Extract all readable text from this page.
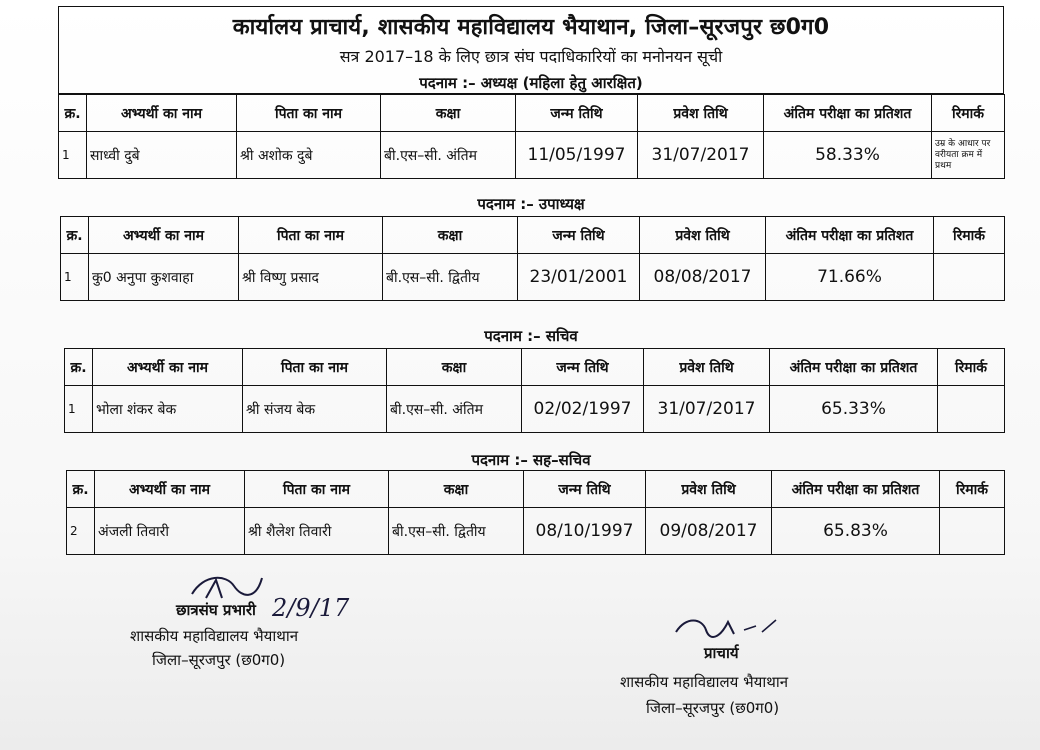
कार्यालय प्राचार्य, शासकीय महाविद्यालय भैयाथान, जिला–सूरजपुर छ0ग0
सत्र 2017–18 के लिए छात्र संघ पदाधिकारियों का मनोनयन सूची
पदनाम :– अध्यक्ष (महिला हेतु आरक्षित)
क्र.	अभ्यर्थी का नाम	पिता का नाम	कक्षा	जन्म तिथि	प्रवेश तिथि	अंतिम परीक्षा का प्रतिशत	रिमार्क
1	साध्वी दुबे	श्री अशोक दुबे	बी.एस–सी. अंतिम	11/05/1997	31/07/2017	58.33%	उम्र के आधार पर वरीयता क्रम में प्रथम
पदनाम :– उपाध्यक्ष
क्र.	अभ्यर्थी का नाम	पिता का नाम	कक्षा	जन्म तिथि	प्रवेश तिथि	अंतिम परीक्षा का प्रतिशत	रिमार्क
1	कु0 अनुपा कुशवाहा	श्री विष्णु प्रसाद	बी.एस–सी. द्वितीय	23/01/2001	08/08/2017	71.66%	
पदनाम :– सचिव
क्र.	अभ्यर्थी का नाम	पिता का नाम	कक्षा	जन्म तिथि	प्रवेश तिथि	अंतिम परीक्षा का प्रतिशत	रिमार्क
1	भोला शंकर बेक	श्री संजय बेक	बी.एस–सी. अंतिम	02/02/1997	31/07/2017	65.33%	
पदनाम :– सह–सचिव
क्र.	अभ्यर्थी का नाम	पिता का नाम	कक्षा	जन्म तिथि	प्रवेश तिथि	अंतिम परीक्षा का प्रतिशत	रिमार्क
2	अंजली तिवारी	श्री शैलेश तिवारी	बी.एस–सी. द्वितीय	08/10/1997	09/08/2017	65.83%	
छात्रसंघ प्रभारी 2/9/17
शासकीय महाविद्यालय भैयाथान
जिला–सूरजपुर (छ0ग0)	प्राचार्य
शासकीय महाविद्यालय भैयाथान
जिला–सूरजपुर (छ0ग0)
